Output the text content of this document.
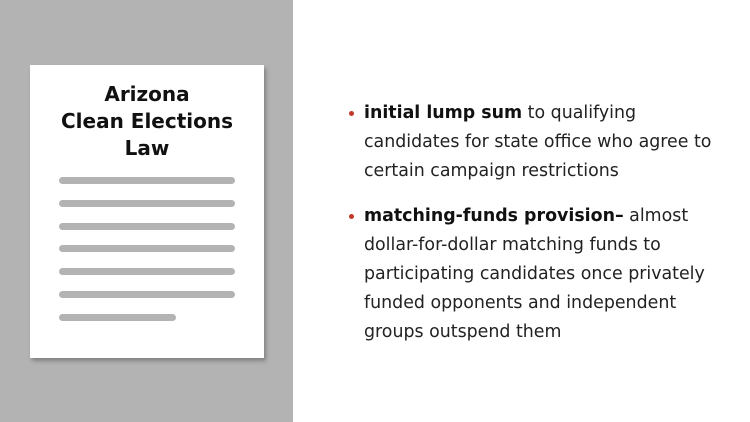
Arizona
Clean Elections
Law
initial lump sum to qualifying candidates for state office who agree to certain campaign restrictions
matching-funds provision– almost dollar-for-dollar matching funds to participating candidates once privately funded opponents and independent groups outspend them
